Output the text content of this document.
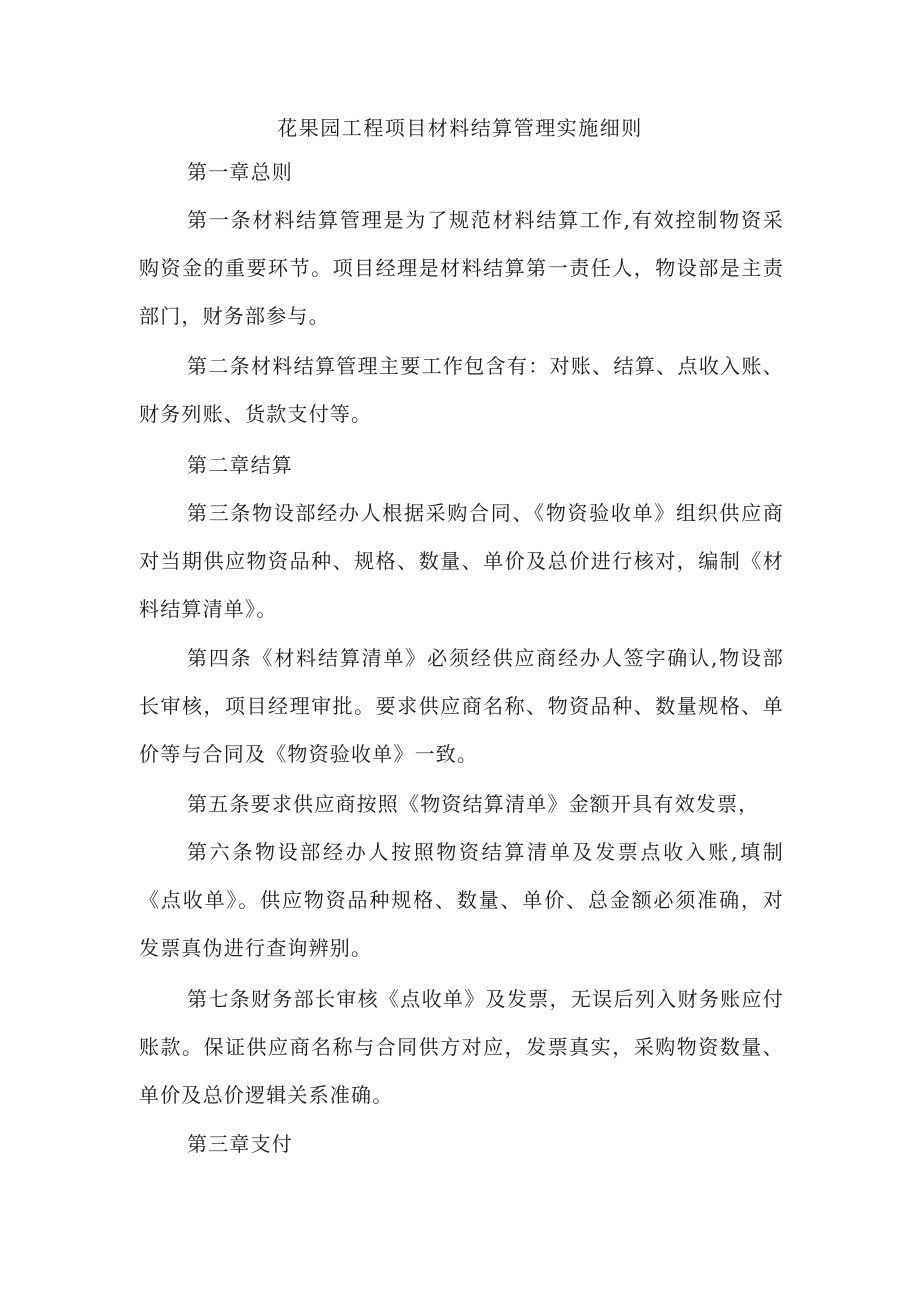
花果园工程项目材料结算管理实施细则

第一章总则

第一条材料结算管理是为了规范材料结算工作,有效控制物资采购资金的重要环节。项目经理是材料结算第一责任人，物设部是主责部门，财务部参与。

第二条材料结算管理主要工作包含有：对账、结算、点收入账、财务列账、货款支付等。

第二章结算

第三条物设部经办人根据采购合同、《物资验收单》组织供应商对当期供应物资品种、规格、数量、单价及总价进行核对，编制《材料结算清单》。

第四条《材料结算清单》必须经供应商经办人签字确认,物设部长审核，项目经理审批。要求供应商名称、物资品种、数量规格、单价等与合同及《物资验收单》一致。

第五条要求供应商按照《物资结算清单》金额开具有效发票，

第六条物设部经办人按照物资结算清单及发票点收入账,填制《点收单》。供应物资品种规格、数量、单价、总金额必须准确，对发票真伪进行查询辨别。

第七条财务部长审核《点收单》及发票，无误后列入财务账应付账款。保证供应商名称与合同供方对应，发票真实，采购物资数量、单价及总价逻辑关系准确。

第三章支付
